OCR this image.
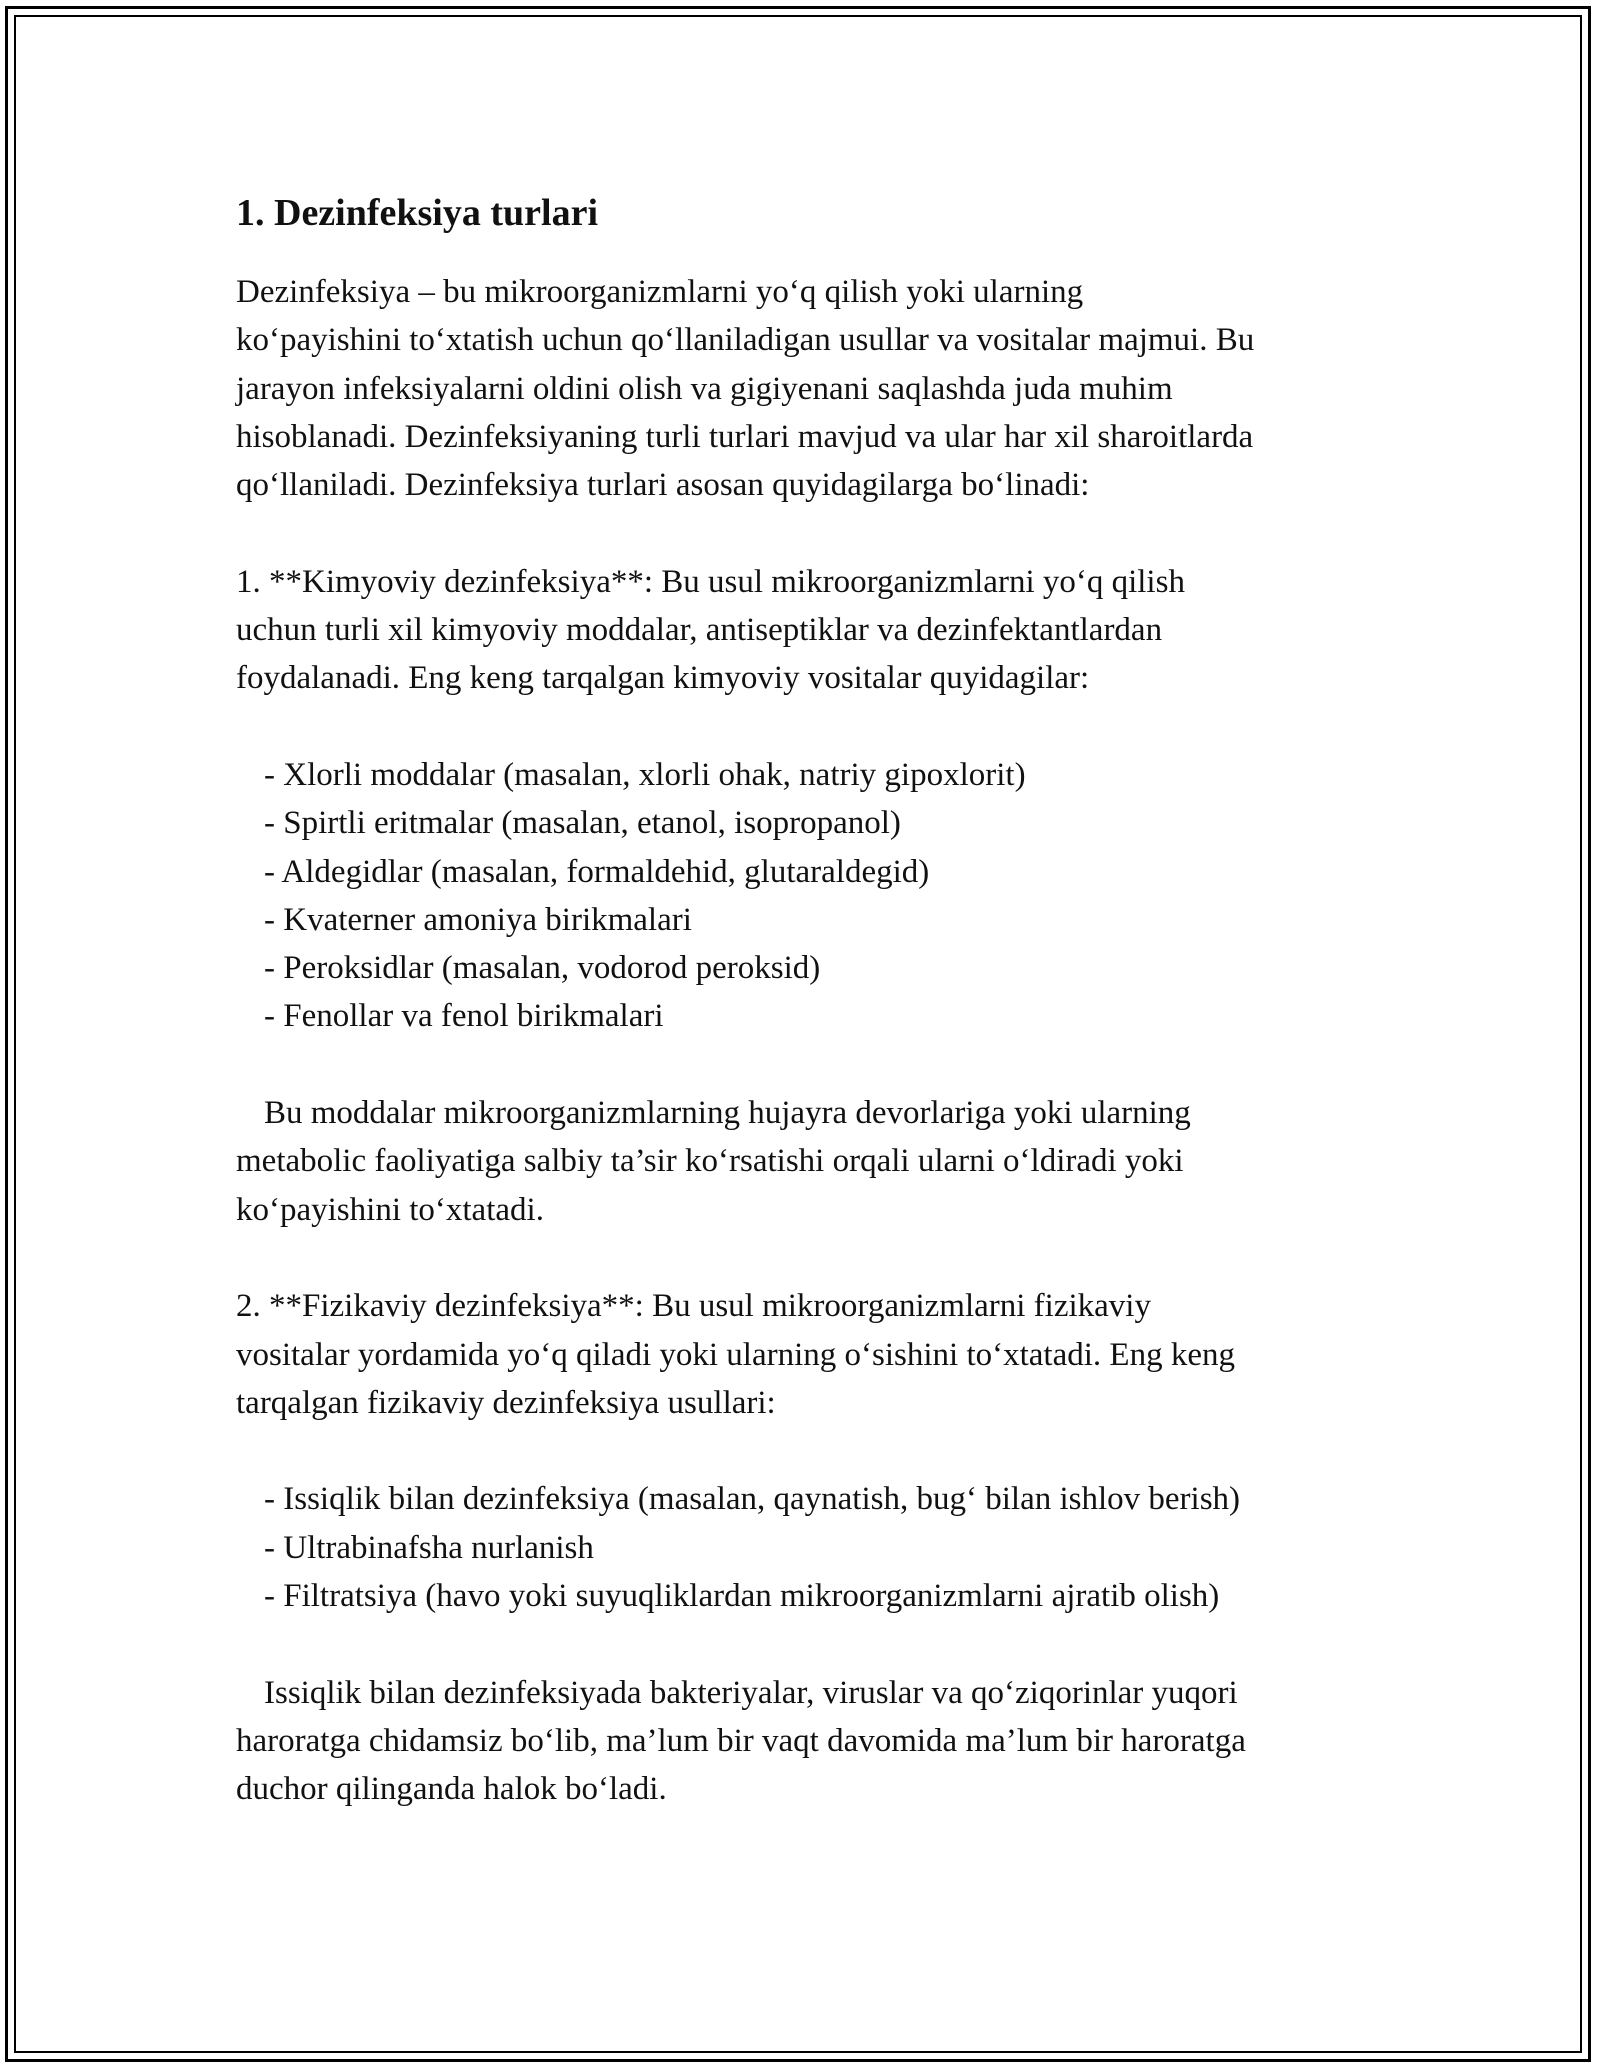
1. Dezinfeksiya turlari

Dezinfeksiya – bu mikroorganizmlarni yo‘q qilish yoki ularning
ko‘payishini to‘xtatish uchun qo‘llaniladigan usullar va vositalar majmui. Bu
jarayon infeksiyalarni oldini olish va gigiyenani saqlashda juda muhim
hisoblanadi. Dezinfeksiyaning turli turlari mavjud va ular har xil sharoitlarda
qo‘llaniladi. Dezinfeksiya turlari asosan quyidagilarga bo‘linadi:

1. **Kimyoviy dezinfeksiya**: Bu usul mikroorganizmlarni yo‘q qilish
uchun turli xil kimyoviy moddalar, antiseptiklar va dezinfektantlardan
foydalanadi. Eng keng tarqalgan kimyoviy vositalar quyidagilar:

- Xlorli moddalar (masalan, xlorli ohak, natriy gipoxlorit)
- Spirtli eritmalar (masalan, etanol, isopropanol)
- Aldegidlar (masalan, formaldehid, glutaraldegid)
- Kvaterner amoniya birikmalari
- Peroksidlar (masalan, vodorod peroksid)
- Fenollar va fenol birikmalari

Bu moddalar mikroorganizmlarning hujayra devorlariga yoki ularning
metabolic faoliyatiga salbiy ta’sir ko‘rsatishi orqali ularni o‘ldiradi yoki
ko‘payishini to‘xtatadi.

2. **Fizikaviy dezinfeksiya**: Bu usul mikroorganizmlarni fizikaviy
vositalar yordamida yo‘q qiladi yoki ularning o‘sishini to‘xtatadi. Eng keng
tarqalgan fizikaviy dezinfeksiya usullari:

- Issiqlik bilan dezinfeksiya (masalan, qaynatish, bug‘ bilan ishlov berish)
- Ultrabinafsha nurlanish
- Filtratsiya (havo yoki suyuqliklardan mikroorganizmlarni ajratib olish)

Issiqlik bilan dezinfeksiyada bakteriyalar, viruslar va qo‘ziqorinlar yuqori
haroratga chidamsiz bo‘lib, ma’lum bir vaqt davomida ma’lum bir haroratga
duchor qilinganda halok bo‘ladi.
